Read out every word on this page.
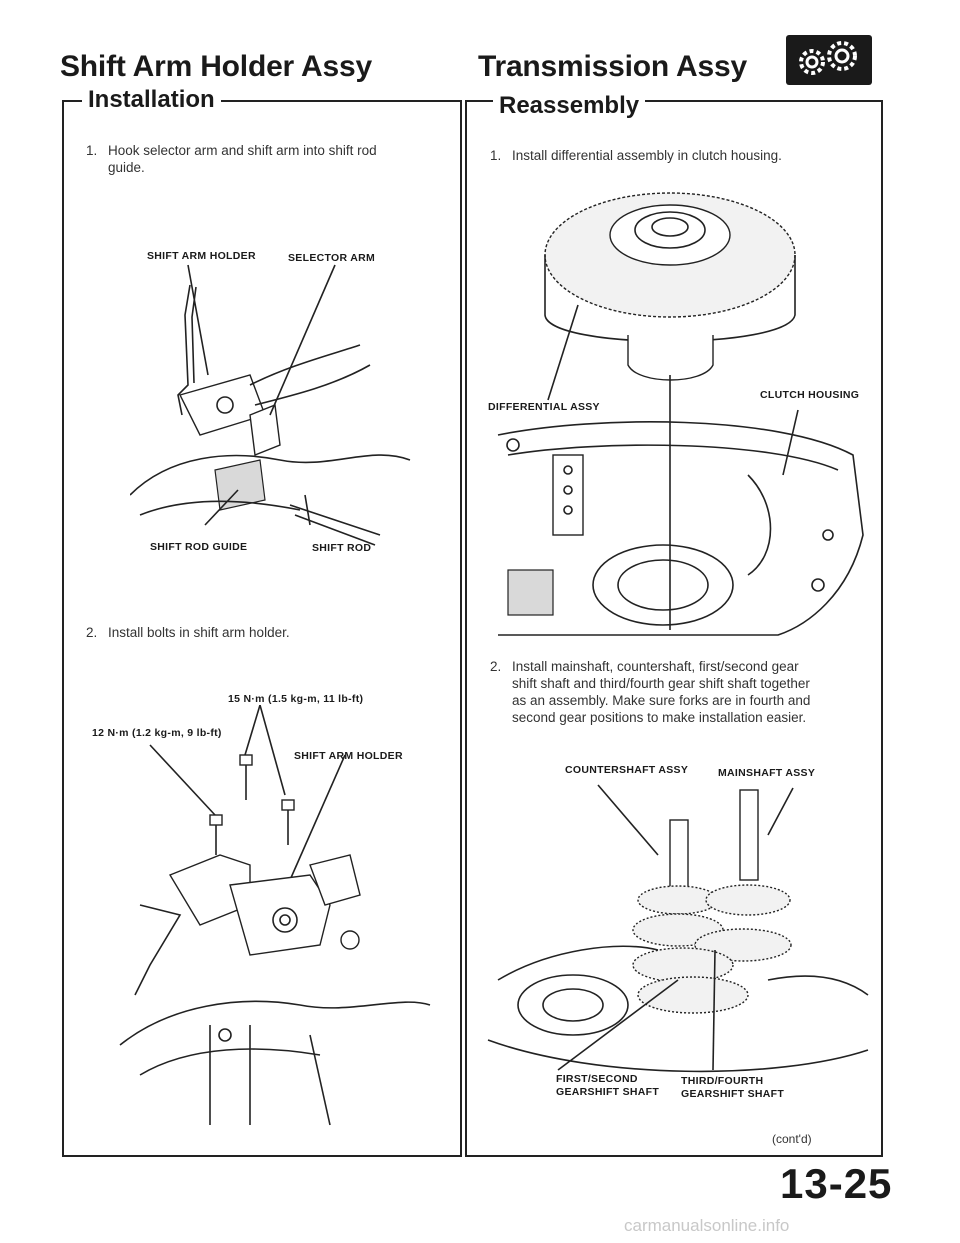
Shift Arm Holder Assy	Transmission Assy
Installation
1. Hook selector arm and shift arm into shift rod
guide.
SHIFT ARM HOLDER	SELECTOR ARM
SHIFT ROD GUIDE	SHIFT ROD
2. Install bolts in shift arm holder.
15 N·m (1.5 kg-m, 11 lb-ft)
12 N·m (1.2 kg-m, 9 lb-ft)
SHIFT ARM HOLDER
Reassembly
1. Install differential assembly in clutch housing.
DIFFERENTIAL ASSY
CLUTCH HOUSING
2. Install mainshaft, countershaft, first/second gear
shift shaft and third/fourth gear shift shaft together
as an assembly. Make sure forks are in fourth and
second gear positions to make installation easier.
COUNTERSHAFT ASSY	MAINSHAFT ASSY
FIRST/SECOND
GEARSHIFT SHAFT
THIRD/FOURTH
GEARSHIFT SHAFT
(cont'd)
13-25
carmanualsonline.info
